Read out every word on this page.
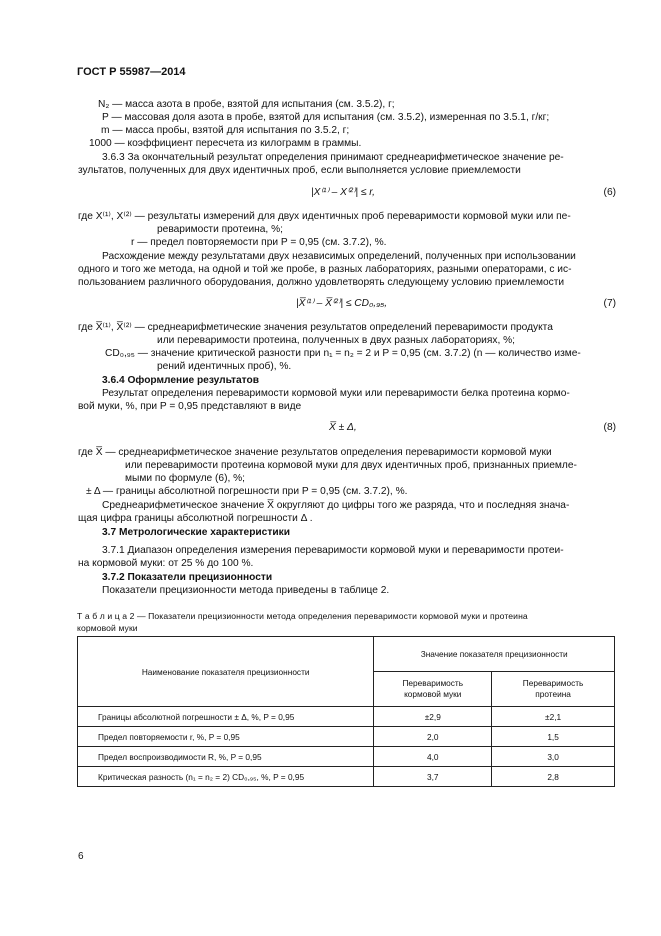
ГОСТ Р 55987—2014
N₂ — масса азота в пробе, взятой для испытания (см. 3.5.2), г;
P — массовая доля азота в пробе, взятой для испытания (см. 3.5.2), измеренная по 3.5.1, г/кг;
m — масса пробы, взятой для испытания по 3.5.2, г;
1000 — коэффициент пересчета из килограмм в граммы.
3.6.3 За окончательный результат определения принимают среднеарифметическое значение ре-
зультатов, полученных для двух идентичных проб, если выполняется условие приемлемости
|X⁽¹⁾ – X⁽²⁾| ≤ r,	(6)
где X⁽¹⁾, X⁽²⁾ — результаты измерений для двух идентичных проб переваримости кормовой муки или пе-
реваримости протеина, %;
r — предел повторяемости при P = 0,95 (см. 3.7.2), %.
Расхождение между результатами двух независимых определений, полученных при использовании
одного и того же метода, на одной и той же пробе, в разных лабораториях, разными операторами, с ис-
пользованием различного оборудования, должно удовлетворять следующему условию приемлемости
|X̅⁽¹⁾ – X̅⁽²⁾| ≤ CD₀,₉₅,	(7)
где X̅⁽¹⁾, X̅⁽²⁾ — среднеарифметические значения результатов определений переваримости продукта
или переваримости протеина, полученных в двух разных лабораториях, %;
CD₀,₉₅ — значение критической разности при n₁ = n₂ = 2 и P = 0,95 (см. 3.7.2) (n — количество изме-
рений идентичных проб), %.
3.6.4 Оформление результатов
Результат определения переваримости кормовой муки или переваримости белка протеина кормо-
вой муки, %, при P = 0,95 представляют в виде
X̅ ± Δ,	(8)
где X̅ — среднеарифметическое значение результатов определения переваримости кормовой муки
или переваримости протеина кормовой муки для двух идентичных проб, признанных приемле-
мыми по формуле (6), %;
± Δ — границы абсолютной погрешности при P = 0,95 (см. 3.7.2), %.
Среднеарифметическое значение X̅ округляют до цифры того же разряда, что и последняя знача-
щая цифра границы абсолютной погрешности Δ .
3.7 Метрологические характеристики
3.7.1 Диапазон определения измерения переваримости кормовой муки и переваримости протеи-
на кормовой муки: от 25 % до 100 %.
3.7.2 Показатели прецизионности
Показатели прецизионности метода приведены в таблице 2.
Т а б л и ц а 2 — Показатели прецизионности метода определения переваримости кормовой муки и протеина
кормовой муки
Наименование показателя прецизионности	Значение показателя прецизионности	
	Переваримость
кормовой муки	Переваримость
протеина
Границы абсолютной погрешности ± Δ, %, P = 0,95	±2,9	±2,1
Предел повторяемости r, %, P = 0,95	2,0	1,5
Предел воспроизводимости R, %, P = 0,95	4,0	3,0
Критическая разность (n₁ = n₂ = 2) CD₀,₉₅, %, P = 0,95	3,7	2,8
6
